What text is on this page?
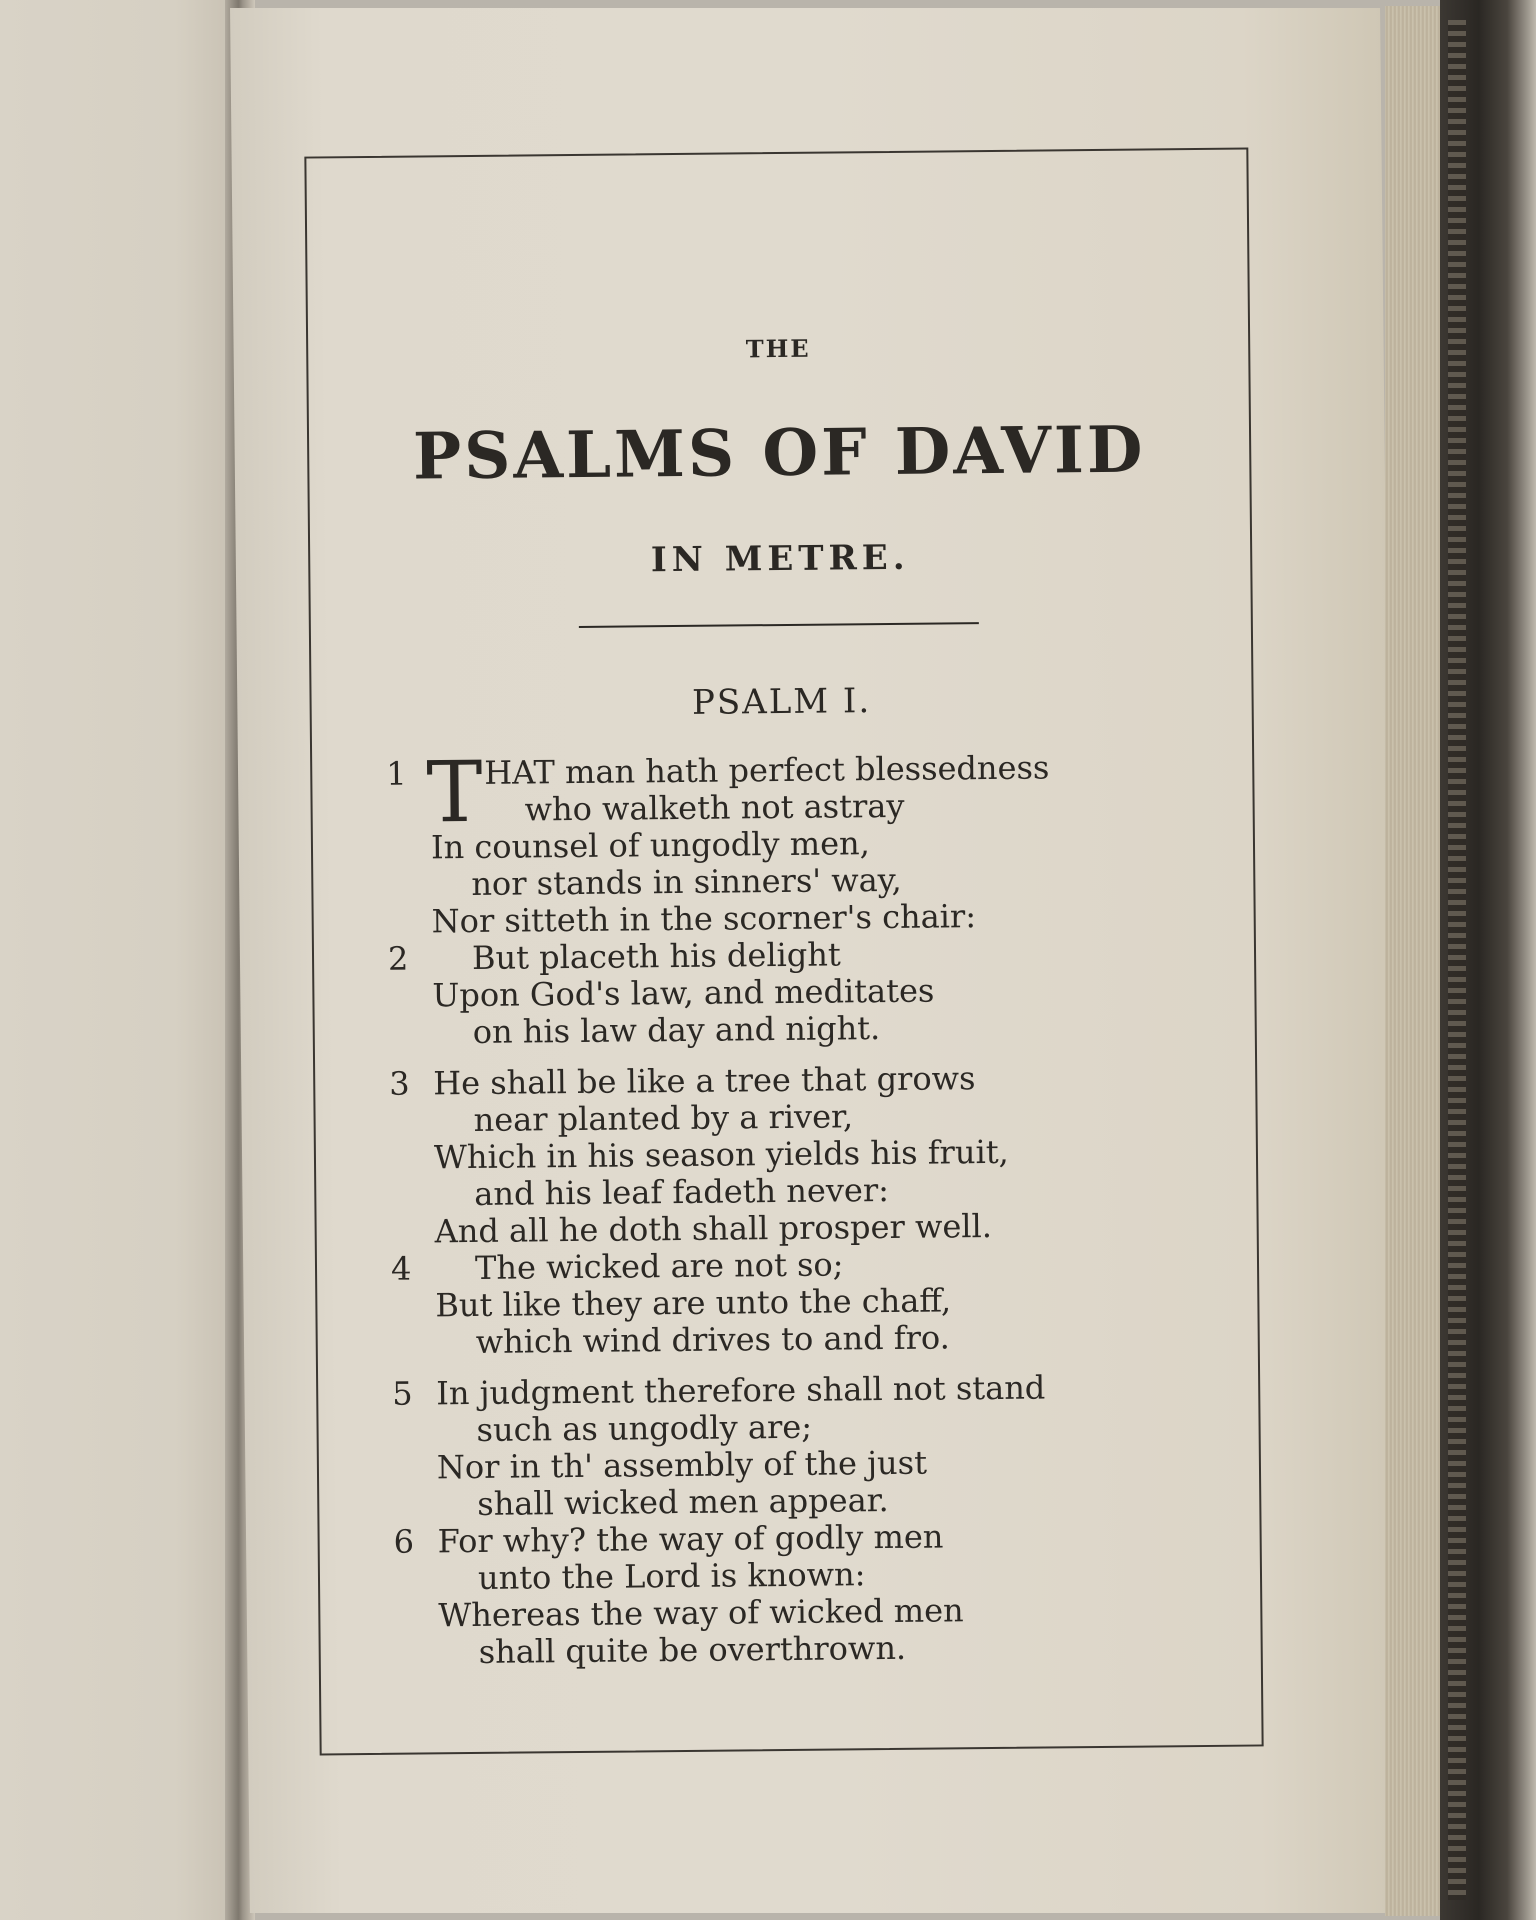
THE
PSALMS OF DAVID
IN METRE.
PSALM I.
1 T HAT man hath perfect blessedness
who walketh not astray
In counsel of ungodly men,
nor stands in sinners' way,
Nor sitteth in the scorner's chair:
2	But placeth his delight
Upon God's law, and meditates
on his law day and night.
3 He shall be like a tree that grows
near planted by a river,
Which in his season yields his fruit,
and his leaf fadeth never:
And all he doth shall prosper well.
4	The wicked are not so;
But like they are unto the chaff,
which wind drives to and fro.
5 In judgment therefore shall not stand
such as ungodly are;
Nor in th' assembly of the just
shall wicked men appear.
6 For why? the way of godly men
unto the Lord is known:
Whereas the way of wicked men
shall quite be overthrown.
